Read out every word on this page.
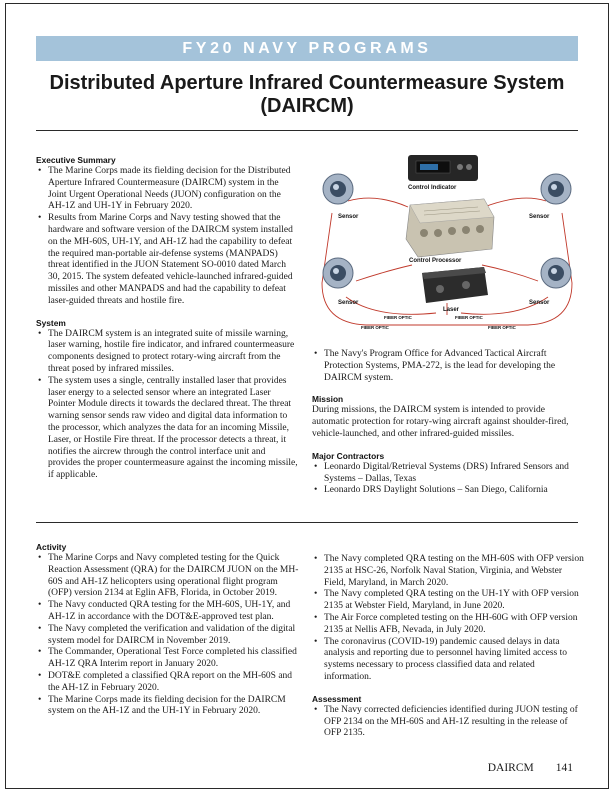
FY20 NAVY PROGRAMS
Distributed Aperture Infrared Countermeasure System (DAIRCM)
Executive Summary
• The Marine Corps made its fielding decision for the Distributed Aperture Infrared Countermeasure (DAIRCM) system in the Joint Urgent Operational Needs (JUON) configuration on the AH-1Z and UH-1Y in February 2020.
• Results from Marine Corps and Navy testing showed that the hardware and software version of the DAIRCM system installed on the MH-60S, UH-1Y, and AH-1Z had the capability to defeat the required man-portable air-defense systems (MANPADS) threat identified in the JUON Statement SO-0010 dated March 30, 2015. The system defeated vehicle-launched infrared-guided missiles and other MANPADS and had the capability to defeat laser-guided threats and hostile fire.
System
• The DAIRCM system is an integrated suite of missile warning, laser warning, hostile fire indicator, and infrared countermeasure components designed to protect rotary-wing aircraft from the threat posed by infrared missiles.
• The system uses a single, centrally installed laser that provides laser energy to a selected sensor where an integrated Laser Pointer Module directs it towards the declared threat. The threat warning sensor sends raw video and digital data information to the processor, which analyzes the data for an incoming Missile, Laser, or Hostile Fire threat. If the processor detects a threat, it notifies the aircrew through the control interface unit and provides the proper countermeasure against the incoming missile, if applicable.
Control Indicator
Control Processor
Laser
Sensor	Sensor
Sensor	Sensor
FIBER OPTIC	FIBER OPTIC
FIBER OPTIC	FIBER OPTIC
• The Navy's Program Office for Advanced Tactical Aircraft Protection Systems, PMA-272, is the lead for developing the DAIRCM system.
Mission

During missions, the DAIRCM system is intended to provide automatic protection for rotary-wing aircraft against shoulder-fired, vehicle-launched, and other infrared-guided missiles.

Major Contractors
• Leonardo Digital/Retrieval Systems (DRS) Infrared Sensors and Systems – Dallas, Texas
• Leonardo DRS Daylight Solutions – San Diego, California
Activity
• The Marine Corps and Navy completed testing for the Quick Reaction Assessment (QRA) for the DAIRCM JUON on the MH-60S and AH-1Z helicopters using operational flight program (OFP) version 2134 at Eglin AFB, Florida, in October 2019.
• The Navy conducted QRA testing for the MH-60S, UH-1Y, and AH-1Z in accordance with the DOT&E-approved test plan.
• The Navy completed the verification and validation of the digital system model for DAIRCM in November 2019.
• The Commander, Operational Test Force completed his classified AH-1Z QRA Interim report in January 2020.
• DOT&E completed a classified QRA report on the MH-60S and the AH-1Z in February 2020.
• The Marine Corps made its fielding decision for the DAIRCM system on the AH-1Z and the UH-1Y in February 2020.
• The Navy completed QRA testing on the MH-60S with OFP version 2135 at HSC-26, Norfolk Naval Station, Virginia, and Webster Field, Maryland, in March 2020.
• The Navy completed QRA testing on the UH-1Y with OFP version 2135 at Webster Field, Maryland, in June 2020.
• The Air Force completed testing on the HH-60G with OFP version 2135 at Nellis AFB, Nevada, in July 2020.
• The coronavirus (COVID-19) pandemic caused delays in data analysis and reporting due to personnel having limited access to systems necessary to process classified data and related information.
Assessment
• The Navy corrected deficiencies identified during JUON testing of OFP 2134 on the MH-60S and AH-1Z resulting in the release of OFP 2135.
DAIRCM 141
